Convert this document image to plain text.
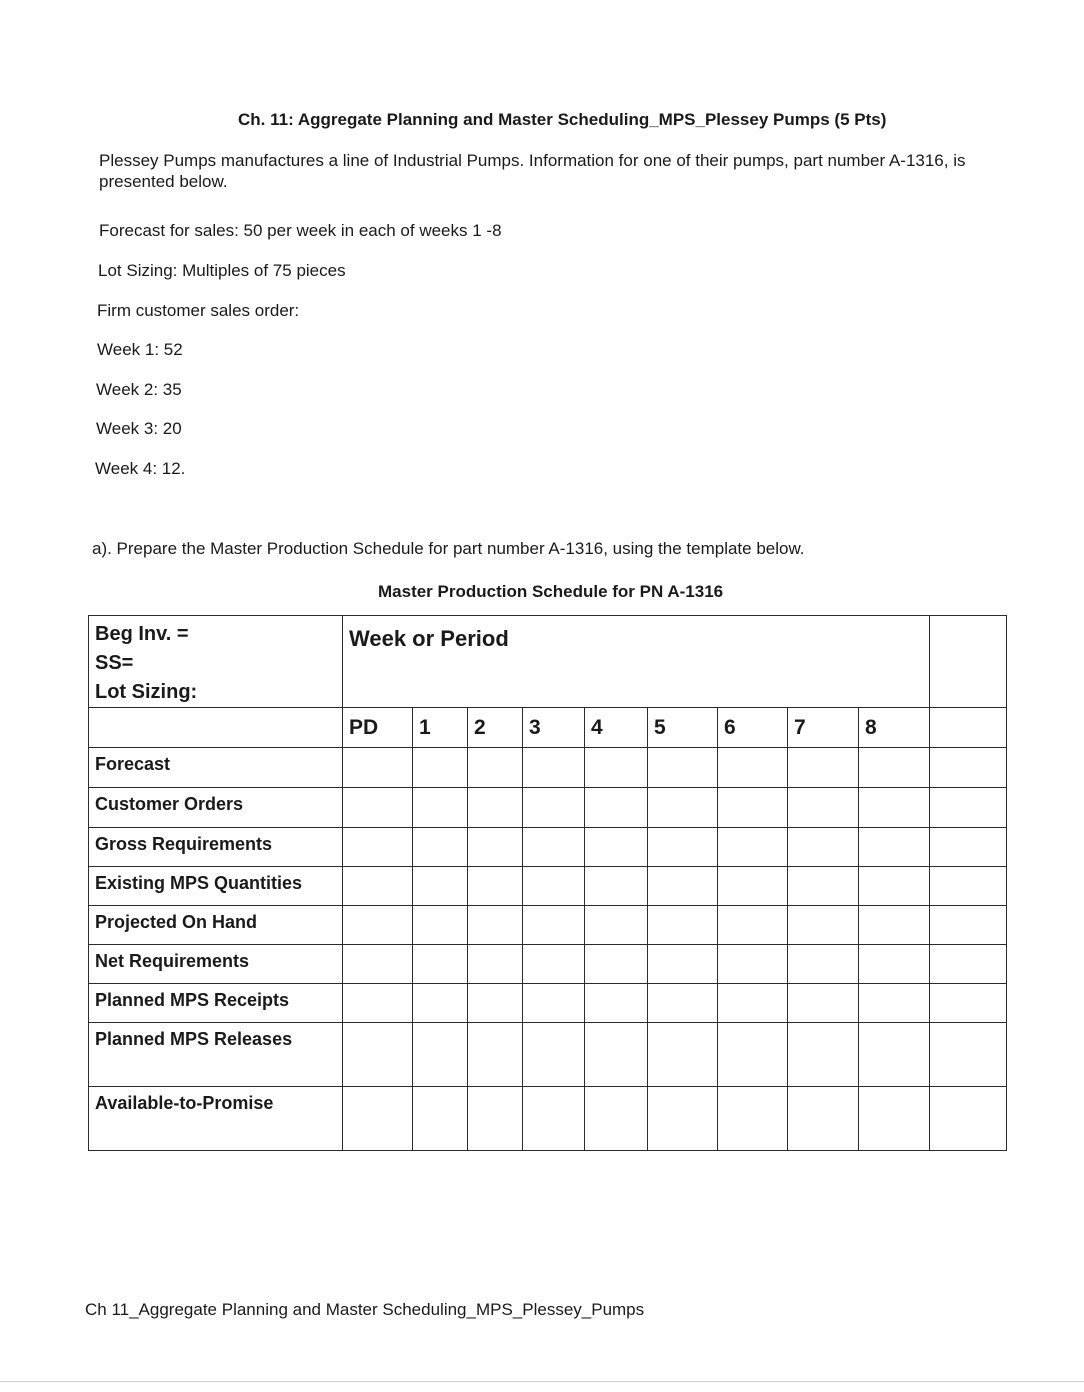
Ch. 11: Aggregate Planning and Master Scheduling_MPS_Plessey Pumps (5 Pts)
Plessey Pumps manufactures a line of Industrial Pumps. Information for one of their pumps, part number A-1316, is presented below.
Forecast for sales: 50 per week in each of weeks 1 -8
Lot Sizing: Multiples of 75 pieces
Firm customer sales order:
Week 1: 52
Week 2: 35
Week 3: 20
Week 4: 12.
a). Prepare the Master Production Schedule for part number A-1316, using the template below.
Master Production Schedule for PN A-1316
Beg Inv. =
SS=
Lot Sizing:	Week or Period									
	PD	1	2	3	4	5	6	7	8	
Forecast										
Customer Orders										
Gross Requirements										
Existing MPS Quantities										
Projected On Hand										
Net Requirements										
Planned MPS Receipts										
Planned MPS Releases										
Available-to-Promise										
Ch 11_Aggregate Planning and Master Scheduling_MPS_Plessey_Pumps
